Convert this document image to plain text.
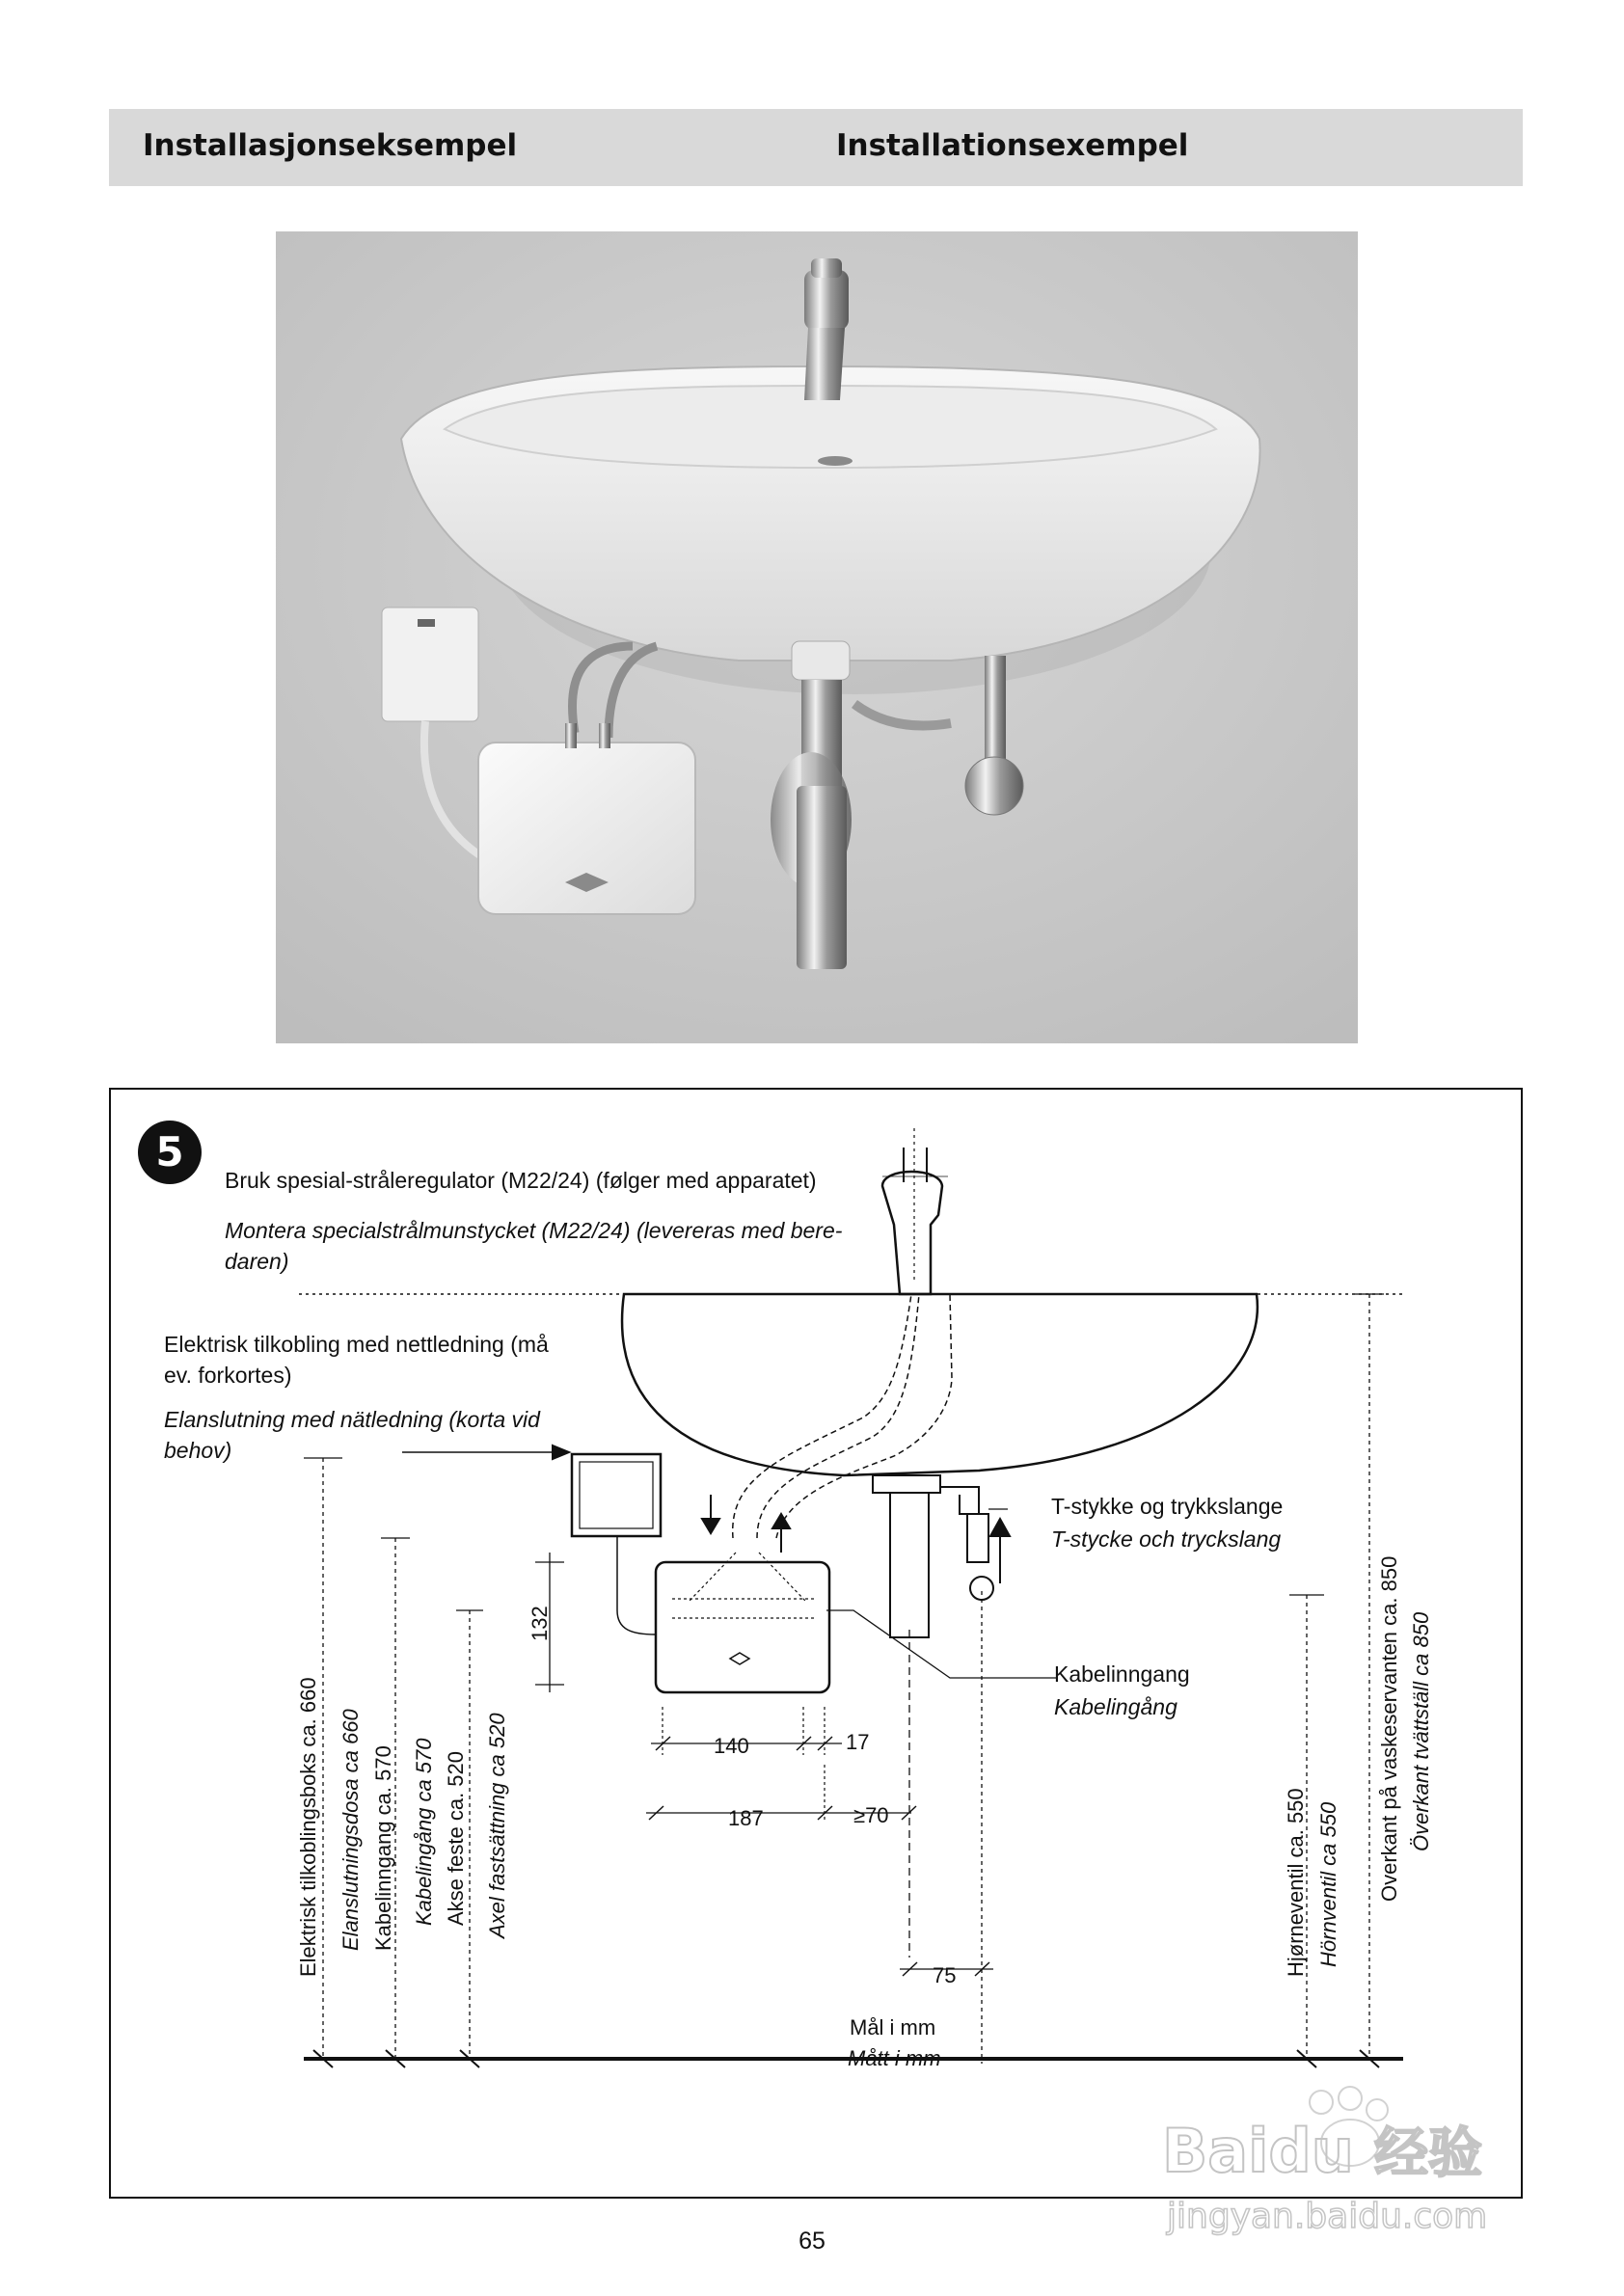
Installasjonseksempel	Installationsexempel
5
Bruk spesial-stråleregulator (M22/24) (følger med apparatet)
Montera specialstrålmunstycket (M22/24) (levereras med bere-
daren)
Elektrisk tilkobling med nettledning (må
ev. forkortes)
Elanslutning med nätledning (korta vid
behov)
T-stykke og trykkslange
T-stycke och tryckslang
Kabelinngang
Kabelingång
Elektrisk tilkoblingsboks ca. 660 Elanslutningsdosa ca 660 Kabelinngang ca. 570 Kabelingång ca 570 Akse feste ca. 520 Axel fastsättning ca 520	Hjørneventil ca. 550 Hörnventil ca 550 Overkant på vaskeservanten ca. 850 Överkant tvättställ ca 850
132
140	17
187	≥70
75
Mål i mm
Mått i mm
65
Baidu 经验
jingyan.baidu.com
